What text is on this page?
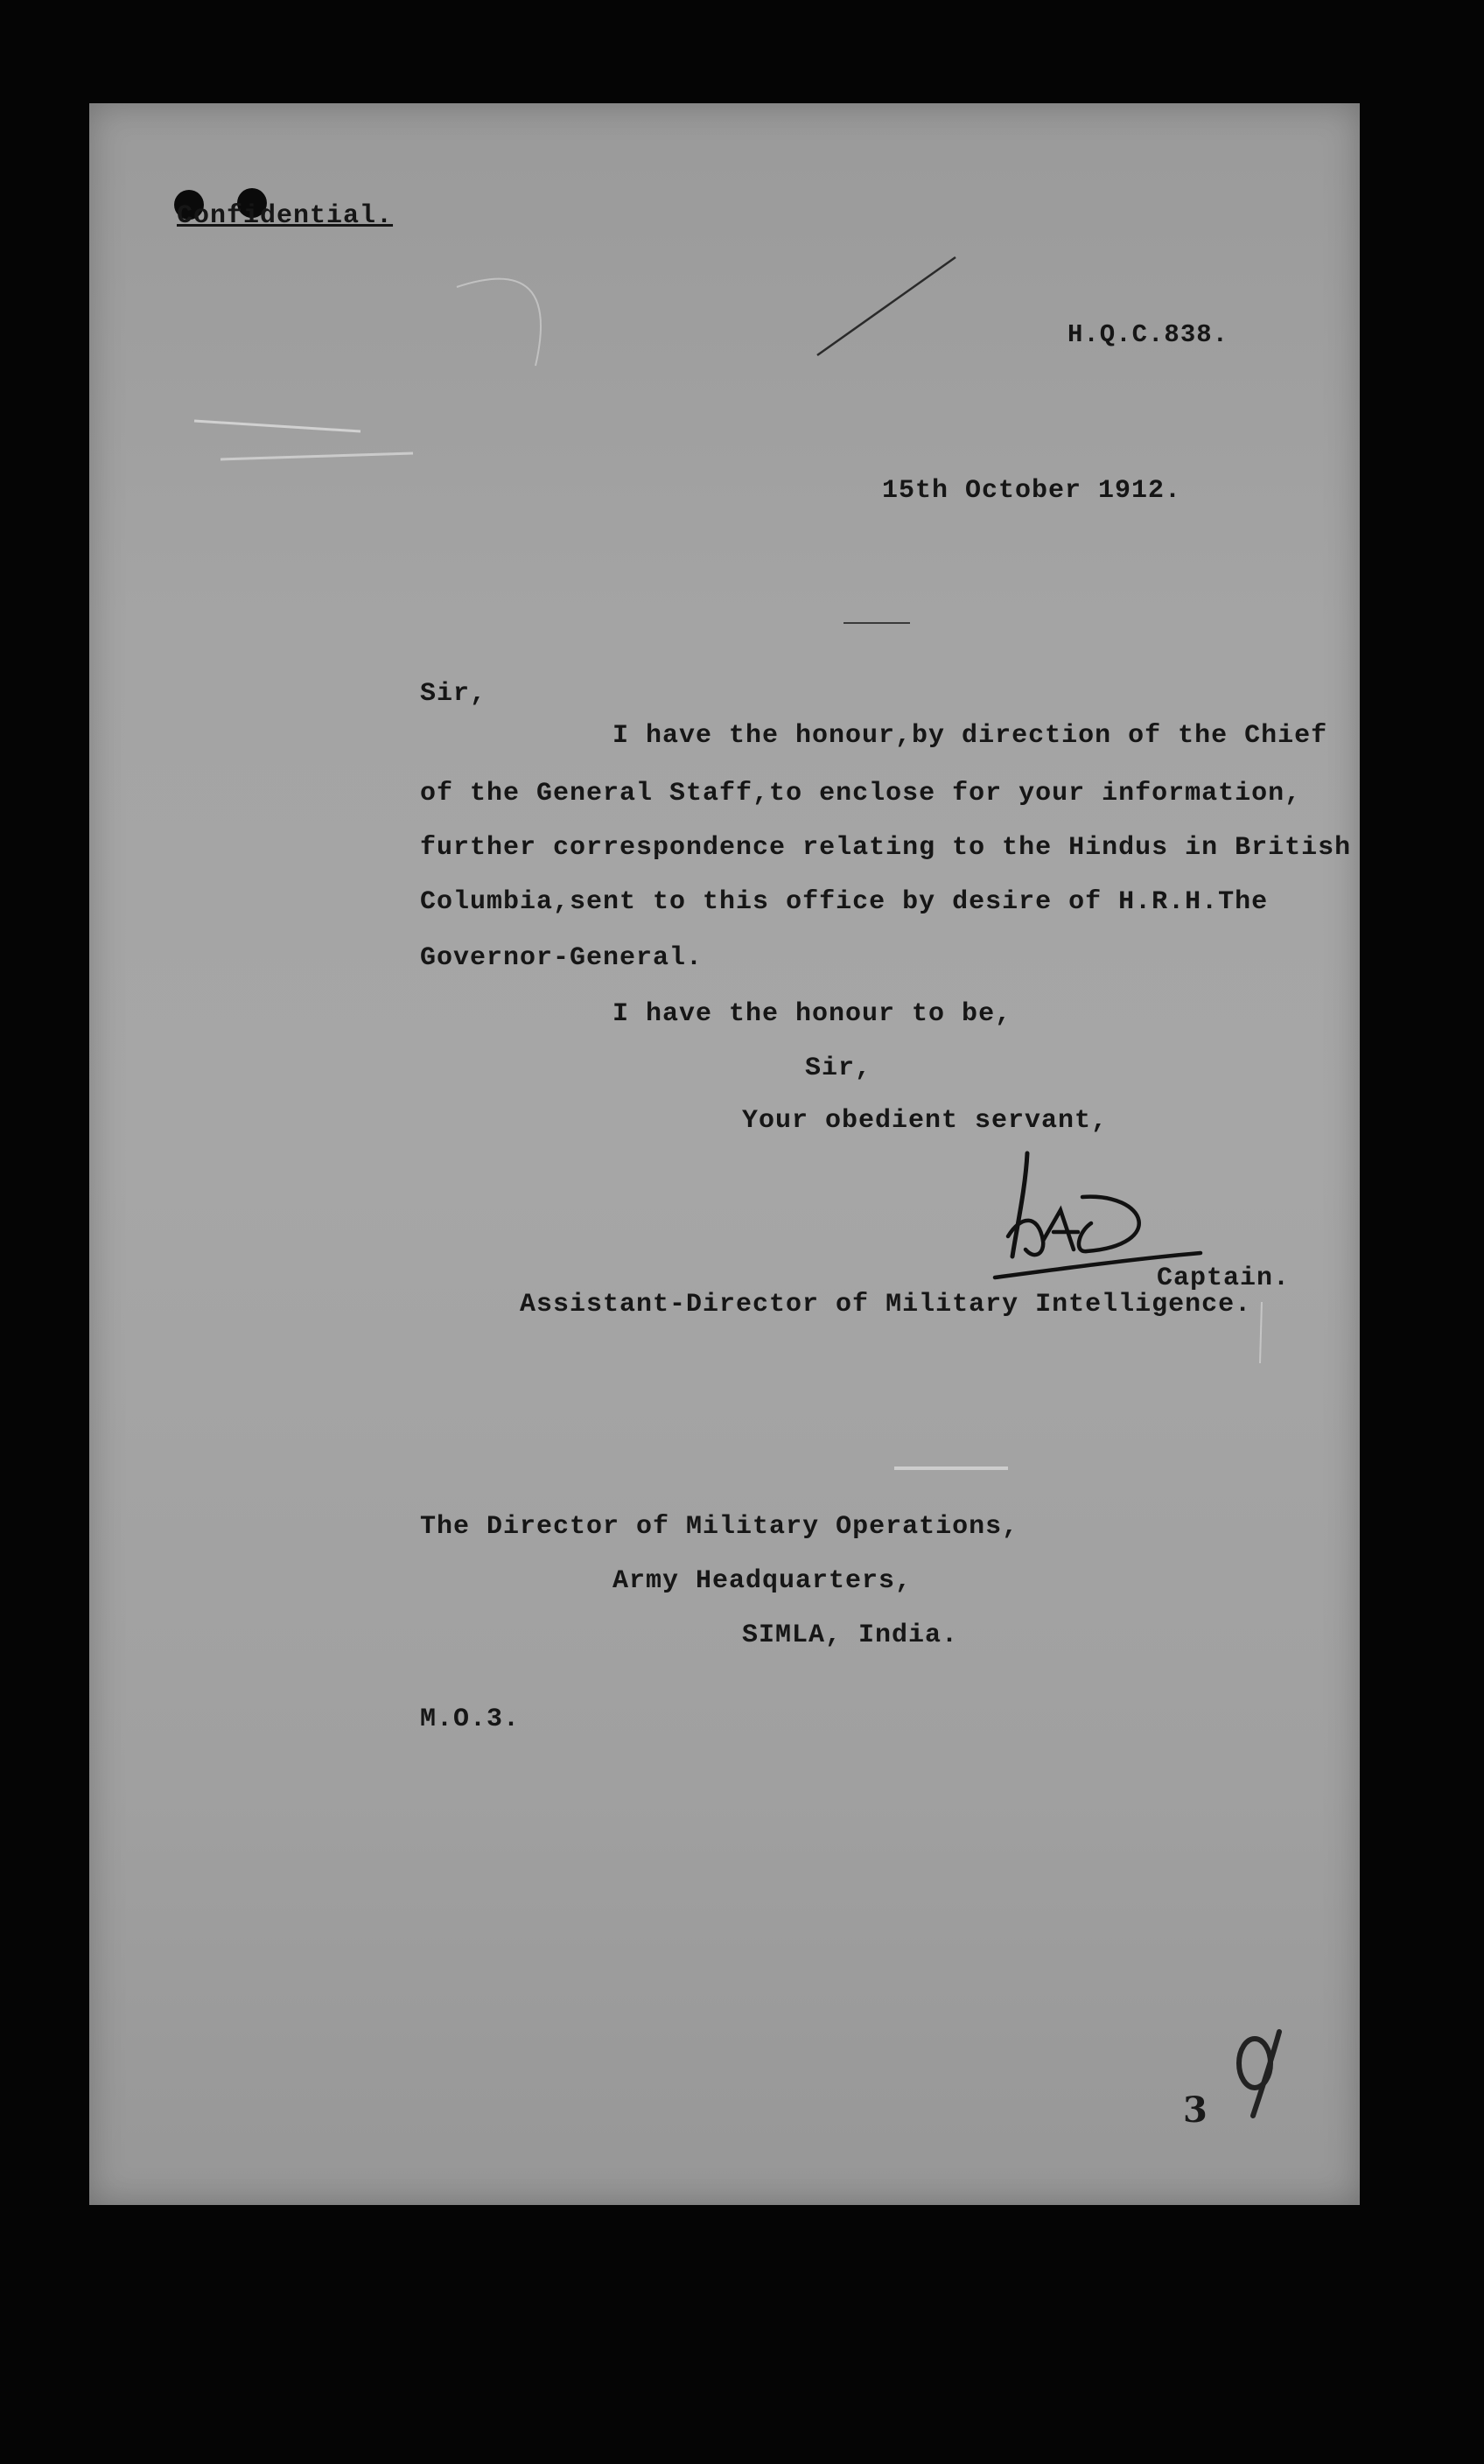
Confidential.
H.Q.C.838.
15th October 1912.
Sir,
I have the honour,by direction of the Chief
of the General Staff,to enclose for your information,
further correspondence relating to the Hindus in British
Columbia,sent to this office by desire of H.R.H.The
Governor-General.
I have the honour to be,
Sir,
Your obedient servant,
Captain.
Assistant-Director of Military Intelligence.
The Director of Military Operations,
Army Headquarters,
SIMLA, India.
M.O.3.
3
